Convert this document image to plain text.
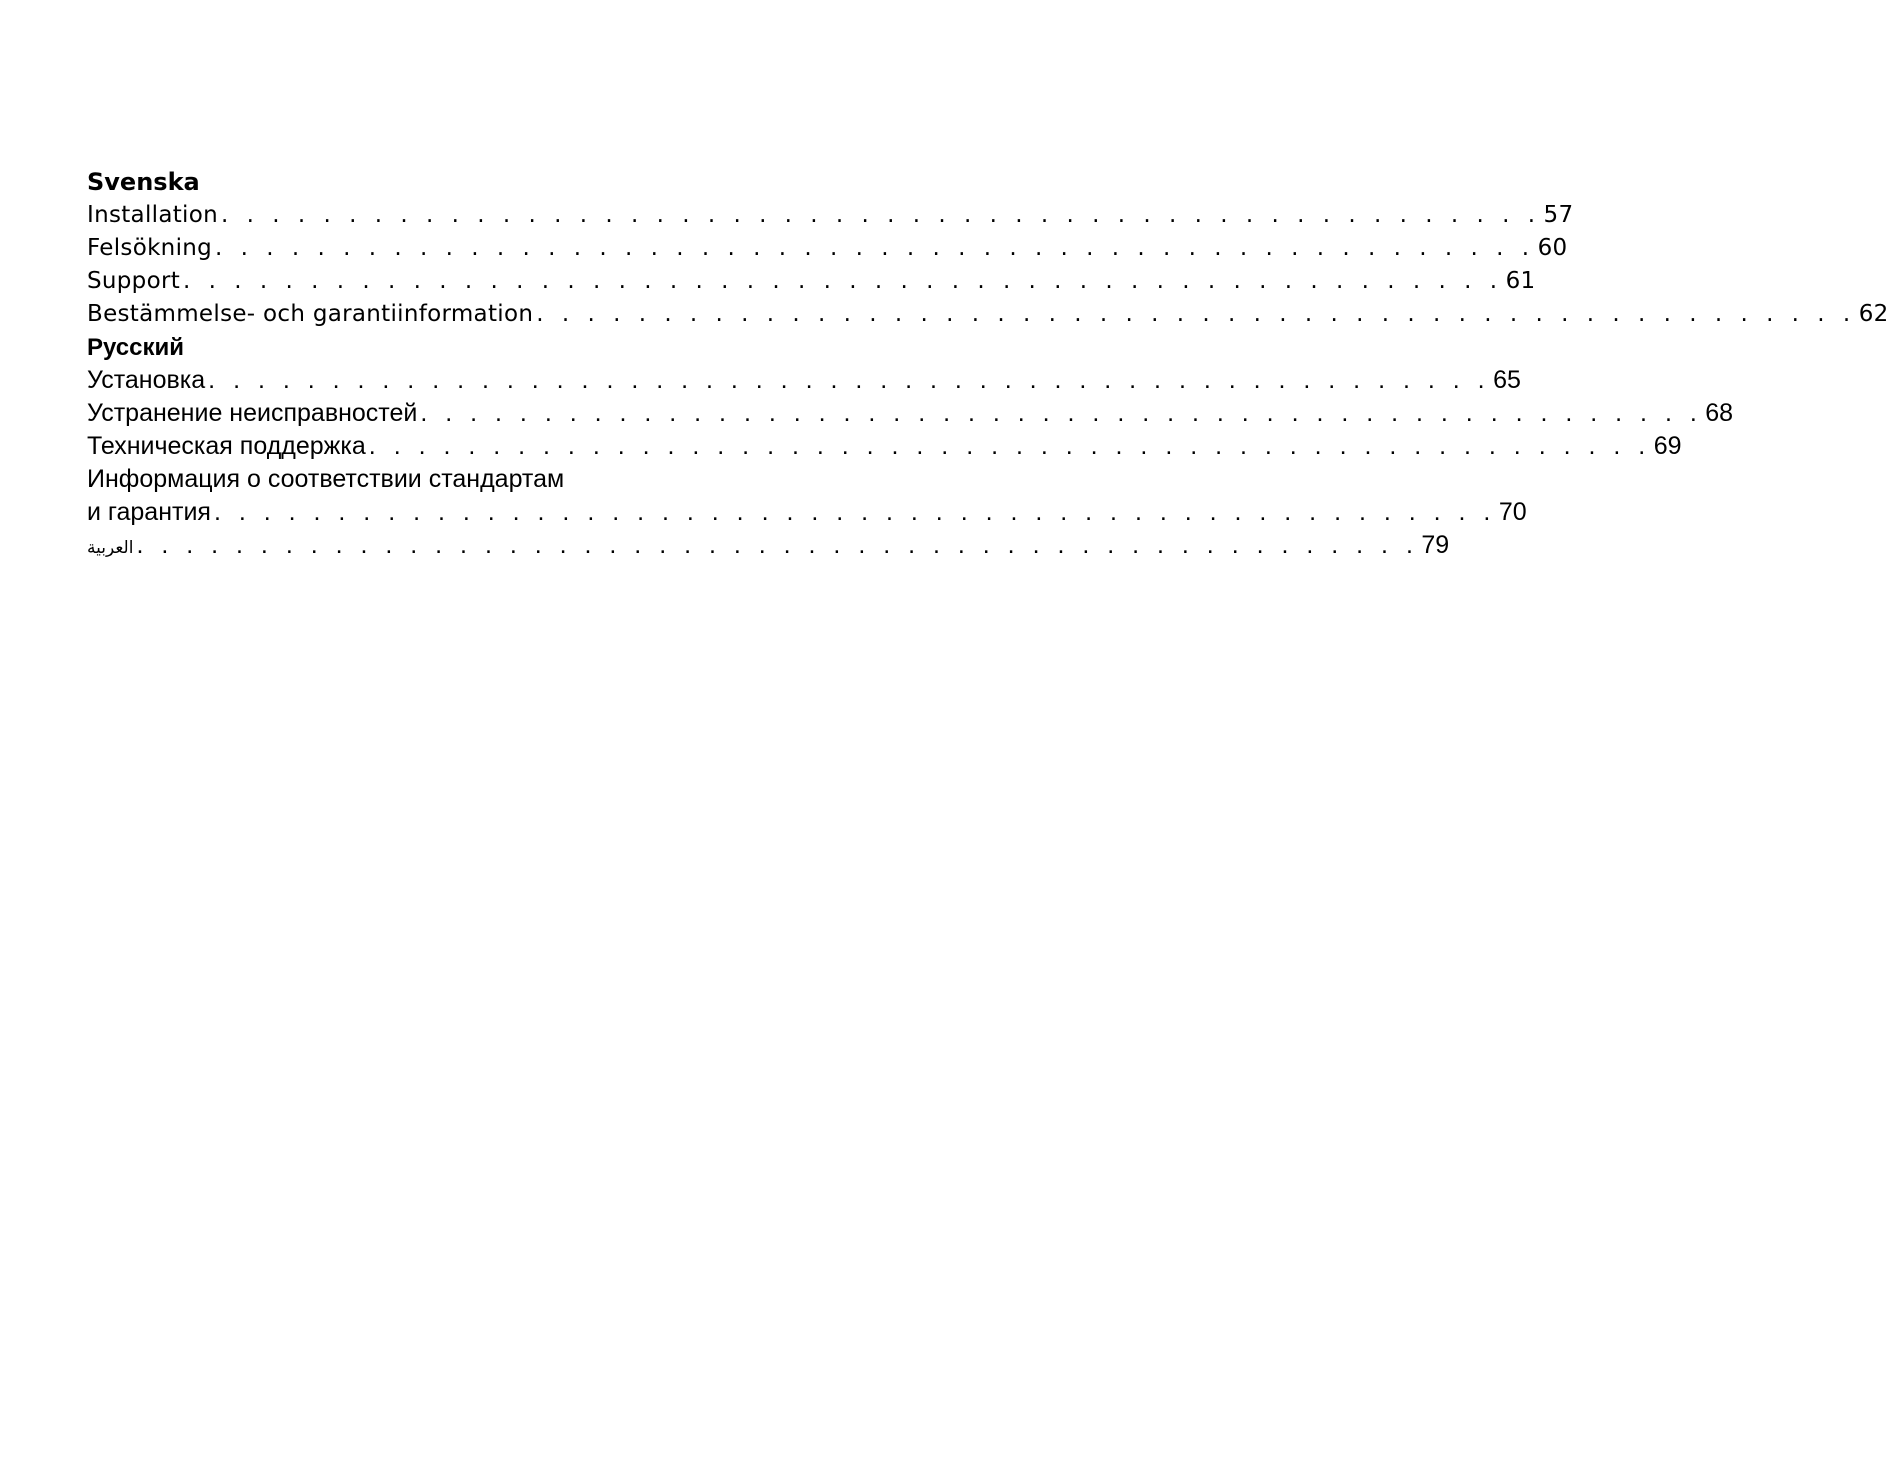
Svenska
Installation . . . . . . . . . . . . . . . . . . . . . . . . . . . . . . . . . . . . . . . . . . . . . . . . . . . . 57
Felsökning . . . . . . . . . . . . . . . . . . . . . . . . . . . . . . . . . . . . . . . . . . . . . . . . . . . . 60
Support . . . . . . . . . . . . . . . . . . . . . . . . . . . . . . . . . . . . . . . . . . . . . . . . . . . . 61
Bestämmelse- och garantiinformation . . . . . . . . . . . . . . . . . . . . . . . . . . . . . . . . . . . . . . . . . . . . . . . . . . . . 62
Русский
Установка . . . . . . . . . . . . . . . . . . . . . . . . . . . . . . . . . . . . . . . . . . . . . . . . . . . . 65
Устранение неисправностей . . . . . . . . . . . . . . . . . . . . . . . . . . . . . . . . . . . . . . . . . . . . . . . . . . . . 68
Техническая поддержка . . . . . . . . . . . . . . . . . . . . . . . . . . . . . . . . . . . . . . . . . . . . . . . . . . . . 69
Информация о соответствии стандартам
и гарантия . . . . . . . . . . . . . . . . . . . . . . . . . . . . . . . . . . . . . . . . . . . . . . . . . . . . 70
العربية . . . . . . . . . . . . . . . . . . . . . . . . . . . . . . . . . . . . . . . . . . . . . . . . . . . . 79
